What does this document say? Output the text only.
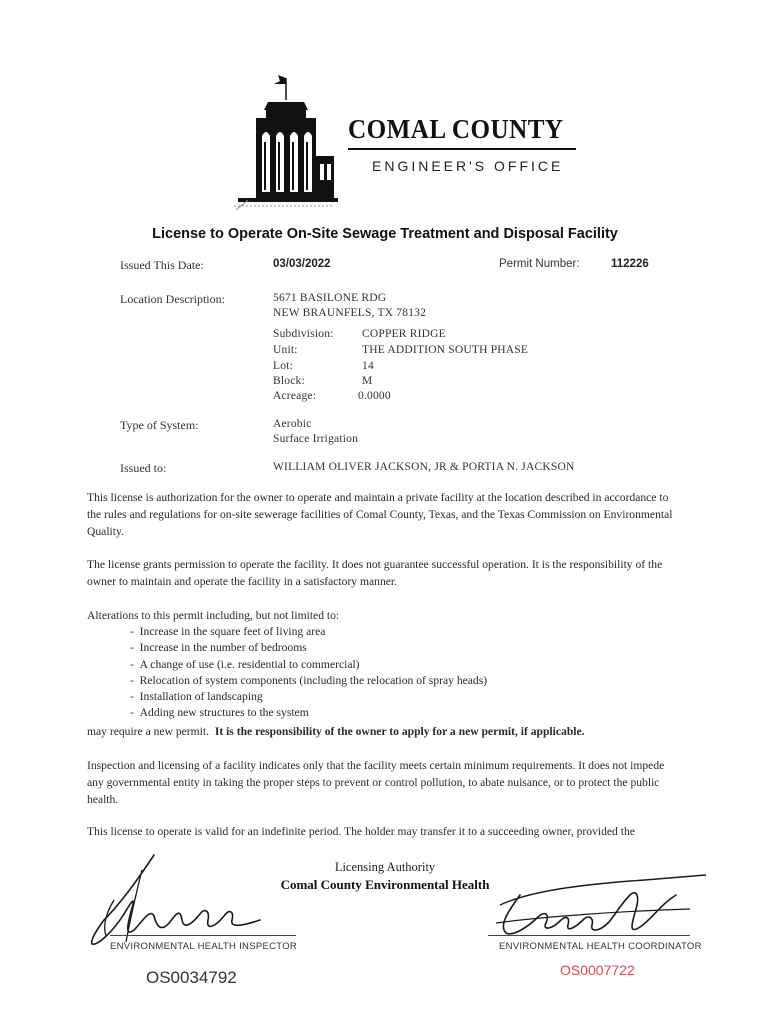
COMAL COUNTY
ENGINEER'S OFFICE
License to Operate On-Site Sewage Treatment and Disposal Facility
Issued This Date:	03/03/2022	Permit Number:	112226
Location Description:	5671 BASILONE RDG
NEW BRAUNFELS, TX 78132
Subdivision: COPPER RIDGE
Unit:	THE ADDITION SOUTH PHASE
Lot:	14
Block:	M
Acreage:	0.0000
Type of System:	Aerobic
Surface Irrigation
Issued to:	WILLIAM OLIVER JACKSON, JR & PORTIA N. JACKSON
This license is authorization for the owner to operate and maintain a private facility at the location described in accordance to the rules and regulations for on-site sewerage facilities of Comal County, Texas, and the Texas Commission on Environmental Quality.
The license grants permission to operate the facility. It does not guarantee successful operation. It is the responsibility of the owner to maintain and operate the facility in a satisfactory manner.
Alterations to this permit including, but not limited to:
-  Increase in the square feet of living area
-  Increase in the number of bedrooms
-  A change of use (i.e. residential to commercial)
-  Relocation of system components (including the relocation of spray heads)
-  Installation of landscaping
-  Adding new structures to the system
may require a new permit. It is the responsibility of the owner to apply for a new permit, if applicable.
Inspection and licensing of a facility indicates only that the facility meets certain minimum requirements. It does not impede any governmental entity in taking the proper steps to prevent or control pollution, to abate nuisance, or to protect the public health.
This license to operate is valid for an indefinite period. The holder may transfer it to a succeeding owner, provided the
Licensing Authority
Comal County Environmental Health
ENVIRONMENTAL HEALTH INSPECTOR
OS0034792
ENVIRONMENTAL HEALTH COORDINATOR
OS0007722
